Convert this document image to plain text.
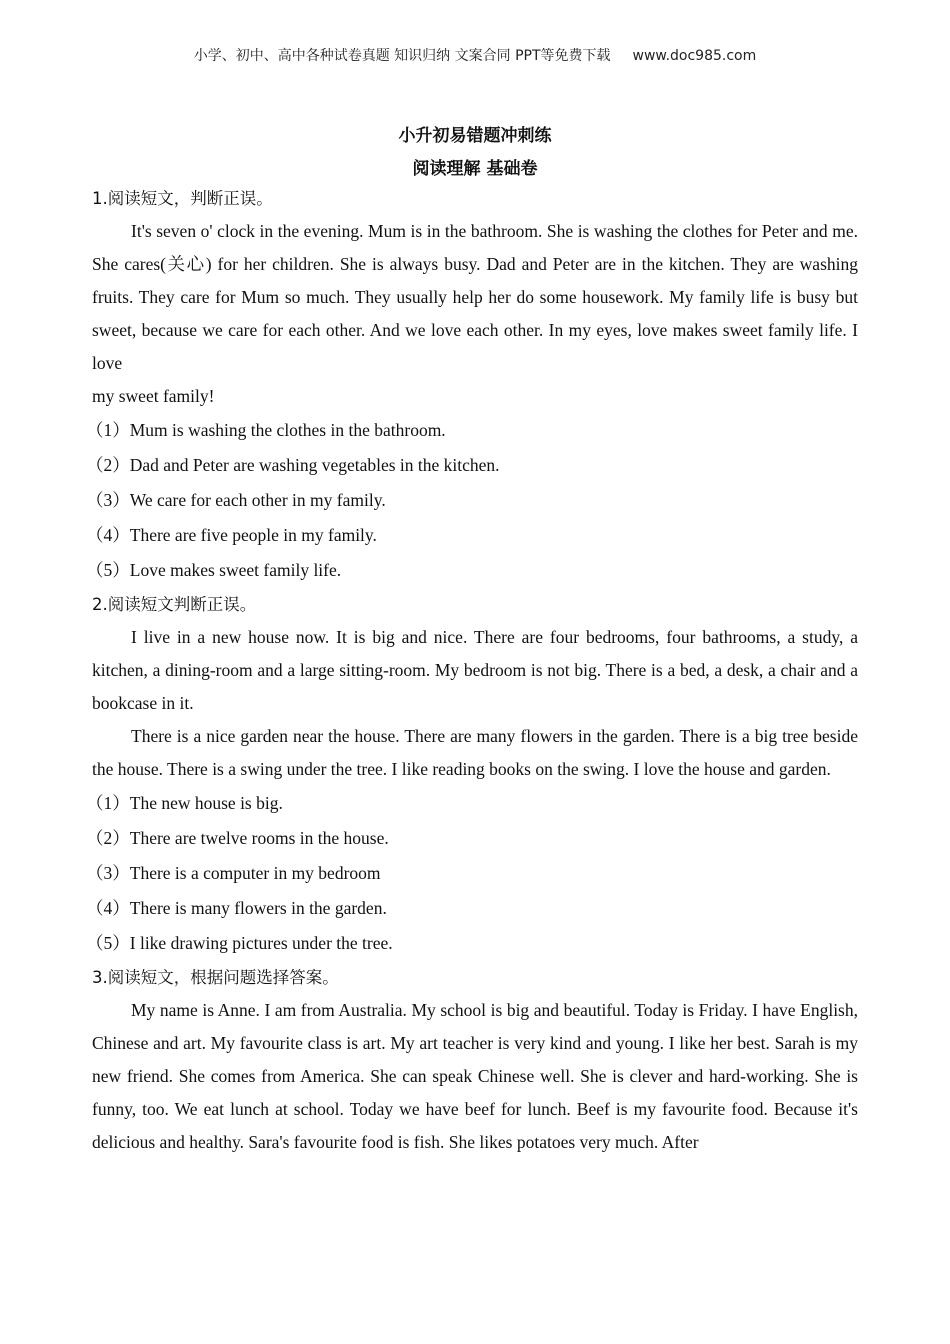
小学、初中、高中各种试卷真题 知识归纳 文案合同 PPT等免费下载 www.doc985.com
小升初易错题冲刺练
阅读理解 基础卷

1.阅读短文，判断正误。

It's seven o' clock in the evening. Mum is in the bathroom. She is washing the clothes for Peter and me. She cares(关心) for her children. She is always busy. Dad and Peter are in the kitchen. They are washing fruits. They care for Mum so much. They usually help her do some housework. My family life is busy but sweet, because we care for each other. And we love each other. In my eyes, love makes sweet family life. I love

my sweet family!

（1）Mum is washing the clothes in the bathroom.

（2）Dad and Peter are washing vegetables in the kitchen.

（3）We care for each other in my family.

（4）There are five people in my family.

（5）Love makes sweet family life.

2.阅读短文判断正误。

I live in a new house now. It is big and nice. There are four bedrooms, four bathrooms, a study, a kitchen, a dining-room and a large sitting-room. My bedroom is not big. There is a bed, a desk, a chair and a bookcase in it.

There is a nice garden near the house. There are many flowers in the garden. There is a big tree beside the house. There is a swing under the tree. I like reading books on the swing. I love the house and garden.

（1）The new house is big.

（2）There are twelve rooms in the house.

（3）There is a computer in my bedroom

（4）There is many flowers in the garden.

（5）I like drawing pictures under the tree.

3.阅读短文，根据问题选择答案。

My name is Anne. I am from Australia. My school is big and beautiful. Today is Friday. I have English, Chinese and art. My favourite class is art. My art teacher is very kind and young. I like her best. Sarah is my new friend. She comes from America. She can speak Chinese well. She is clever and hard-working. She is funny, too. We eat lunch at school. Today we have beef for lunch. Beef is my favourite food. Because it's delicious and healthy. Sara's favourite food is fish. She likes potatoes very much. After
